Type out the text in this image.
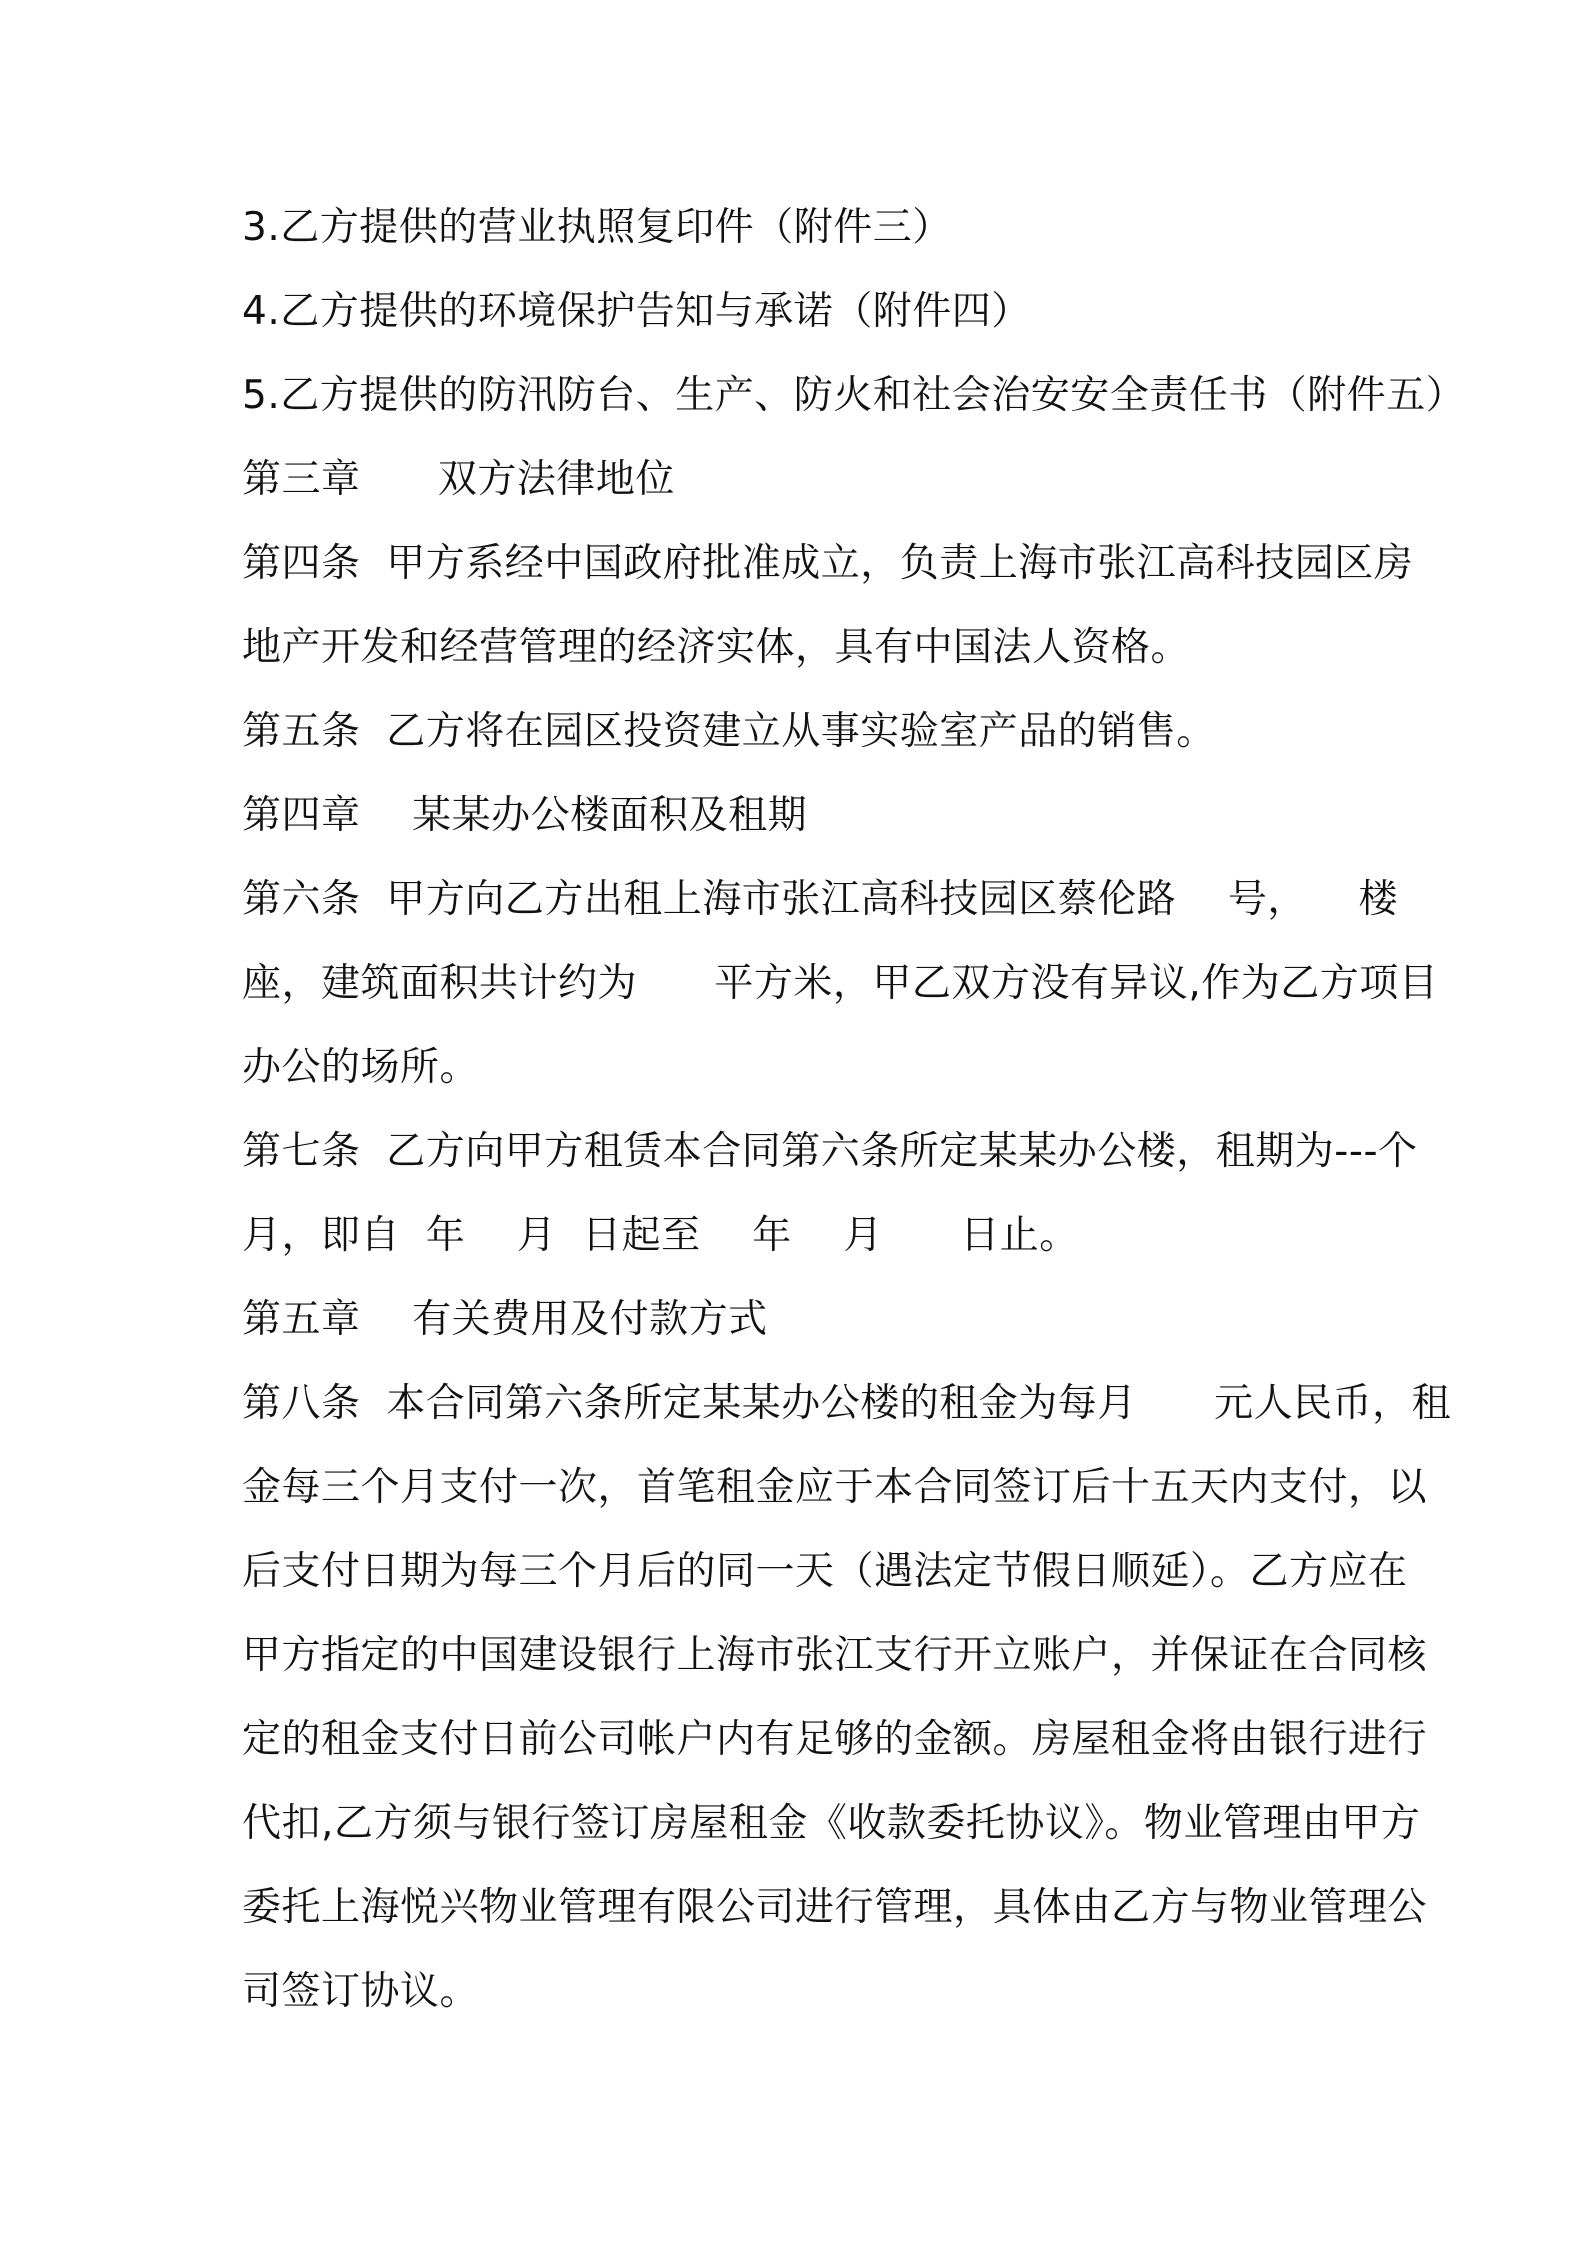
3.乙方提供的营业执照复印件（附件三）
4.乙方提供的环境保护告知与承诺（附件四）
5.乙方提供的防汛防台、生产、防火和社会治安安全责任书（附件五）
第三章      双方法律地位
第四条  甲方系经中国政府批准成立，负责上海市张江高科技园区房
地产开发和经营管理的经济实体，具有中国法人资格。
第五条  乙方将在园区投资建立从事实验室产品的销售。
第四章    某某办公楼面积及租期
第六条  甲方向乙方出租上海市张江高科技园区蔡伦路    号，    楼
座，建筑面积共计约为      平方米，甲乙双方没有异议,作为乙方项目
办公的场所。
第七条  乙方向甲方租赁本合同第六条所定某某办公楼，租期为---个
月，即自  年    月  日起至    年    月      日止。
第五章    有关费用及付款方式
第八条  本合同第六条所定某某办公楼的租金为每月      元人民币，租
金每三个月支付一次，首笔租金应于本合同签订后十五天内支付，以
后支付日期为每三个月后的同一天（遇法定节假日顺延）。乙方应在
甲方指定的中国建设银行上海市张江支行开立账户，并保证在合同核
定的租金支付日前公司帐户内有足够的金额。房屋租金将由银行进行
代扣,乙方须与银行签订房屋租金《收款委托协议》。物业管理由甲方
委托上海悦兴物业管理有限公司进行管理，具体由乙方与物业管理公
司签订协议。
